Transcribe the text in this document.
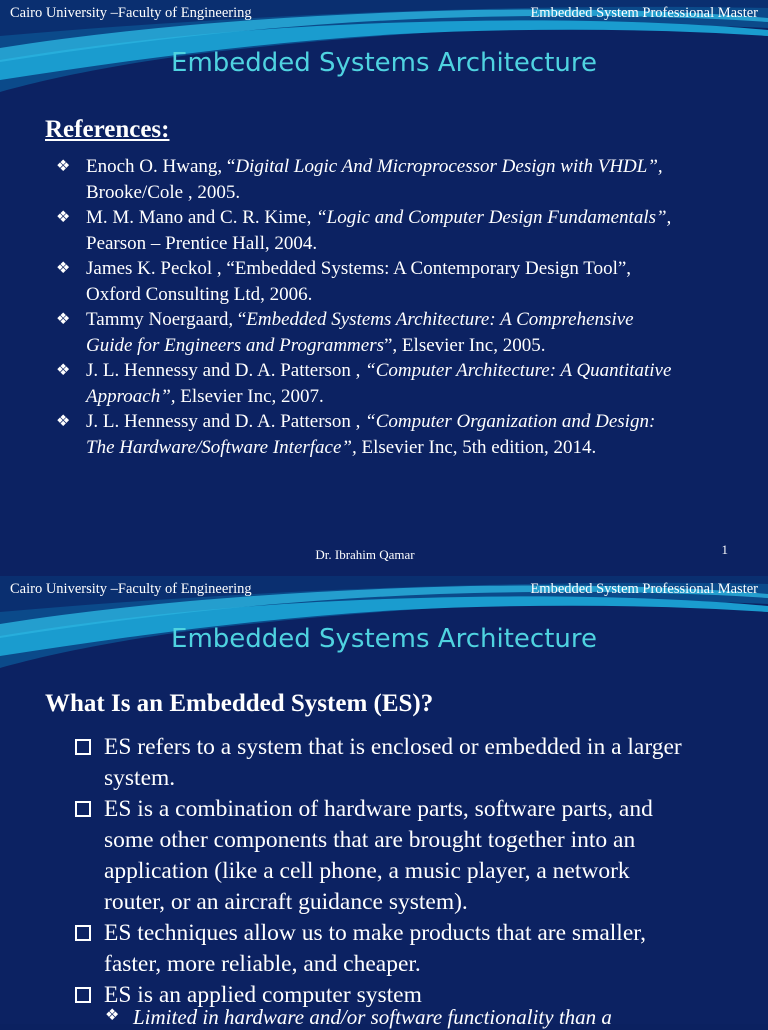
Cairo University –Faculty of Engineering	Embedded System Professional Master
Embedded Systems Architecture
References:
❖ Enoch O. Hwang, “Digital Logic And Microprocessor Design with VHDL”, Brooke/Cole , 2005.
❖ M. M. Mano and C. R. Kime, “Logic and Computer Design Fundamentals”, Pearson – Prentice Hall, 2004.
❖ James K. Peckol , “Embedded Systems: A Contemporary Design Tool”, Oxford Consulting Ltd, 2006.
❖ Tammy Noergaard, “Embedded Systems Architecture: A Comprehensive Guide for Engineers and Programmers”, Elsevier Inc, 2005.
❖ J. L. Hennessy and D. A. Patterson , “Computer Architecture: A Quantitative Approach”, Elsevier Inc, 2007.
❖ J. L. Hennessy and D. A. Patterson , “Computer Organization and Design: The Hardware/Software Interface”, Elsevier Inc, 5th edition, 2014.
Dr. Ibrahim Qamar	1
Cairo University –Faculty of Engineering	Embedded System Professional Master
Embedded Systems Architecture
What Is an Embedded System (ES)?
ES refers to a system that is enclosed or embedded in a larger system.
ES is a combination of hardware parts, software parts, and some other components that are brought together into an application (like a cell phone, a music player, a network router, or an aircraft guidance system).
ES techniques allow us to make products that are smaller, faster, more reliable, and cheaper.
ES is an applied computer system
❖ Limited in hardware and/or software functionality than a
